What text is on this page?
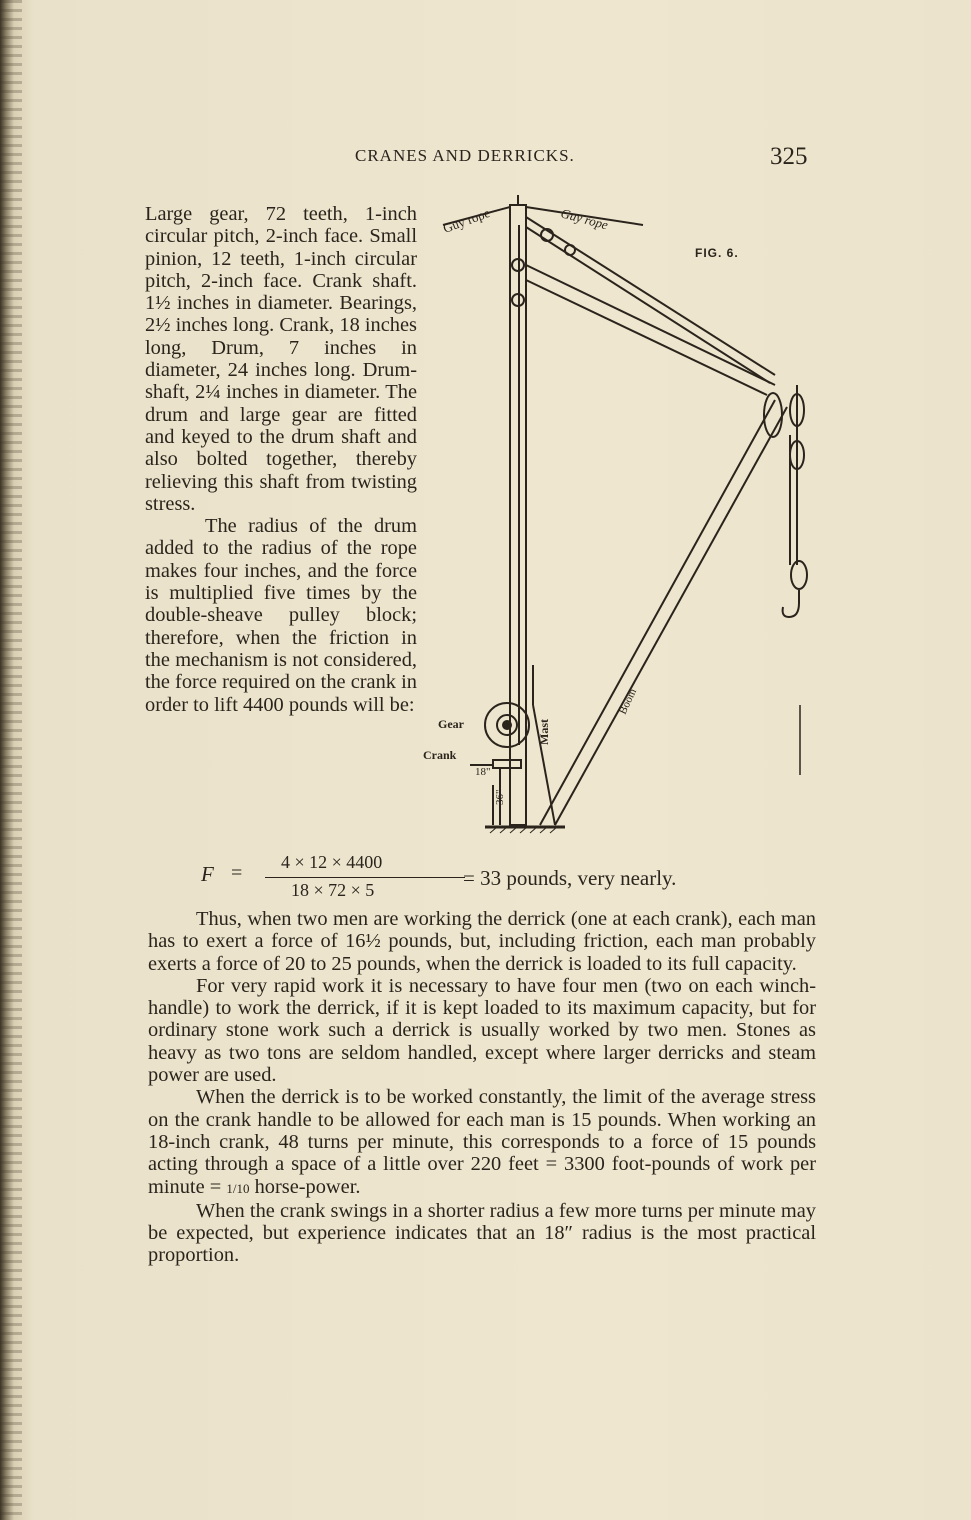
CRANES AND DERRICKS.	325

Large gear, 72 teeth, 1-inch circular pitch, 2-inch face. Small pinion, 12 teeth, 1-inch circular pitch, 2-inch face. Crank shaft. 1½ inches in diameter. Bearings, 2½ inches long. Crank, 18 inches long, Drum, 7 inches in diameter, 24 inches long. Drum-shaft, 2¼ inches in diameter. The drum and large gear are fitted and keyed to the drum shaft and also bolted together, thereby relieving this shaft from twisting stress.

The radius of the drum added to the radius of the rope makes four inches, and the force is multiplied five times by the double-sheave pulley block; therefore, when the friction in the mechanism is not considered, the force required on the crank in order to lift 4400 pounds will be:

Guy rope	Guy rope
FIG. 6.
Mast
Boom
Gear
Crank
18"
36"
F = 4 × 12 × 4400
18 × 72 × 5	= 33 pounds, very nearly.

Thus, when two men are working the derrick (one at each crank), each man has to exert a force of 16½ pounds, but, including friction, each man probably exerts a force of 20 to 25 pounds, when the derrick is loaded to its full capacity.

For very rapid work it is necessary to have four men (two on each winch-handle) to work the derrick, if it is kept loaded to its maximum capacity, but for ordinary stone work such a derrick is usually worked by two men. Stones as heavy as two tons are seldom handled, except where larger derricks and steam power are used.

When the derrick is to be worked constantly, the limit of the average stress on the crank handle to be allowed for each man is 15 pounds. When working an 18-inch crank, 48 turns per minute, this corresponds to a force of 15 pounds acting through a space of a little over 220 feet = 3300 foot-pounds of work per minute = 1/10 horse-power.

When the crank swings in a shorter radius a few more turns per minute may be expected, but experience indicates that an 18″ radius is the most practical proportion.
